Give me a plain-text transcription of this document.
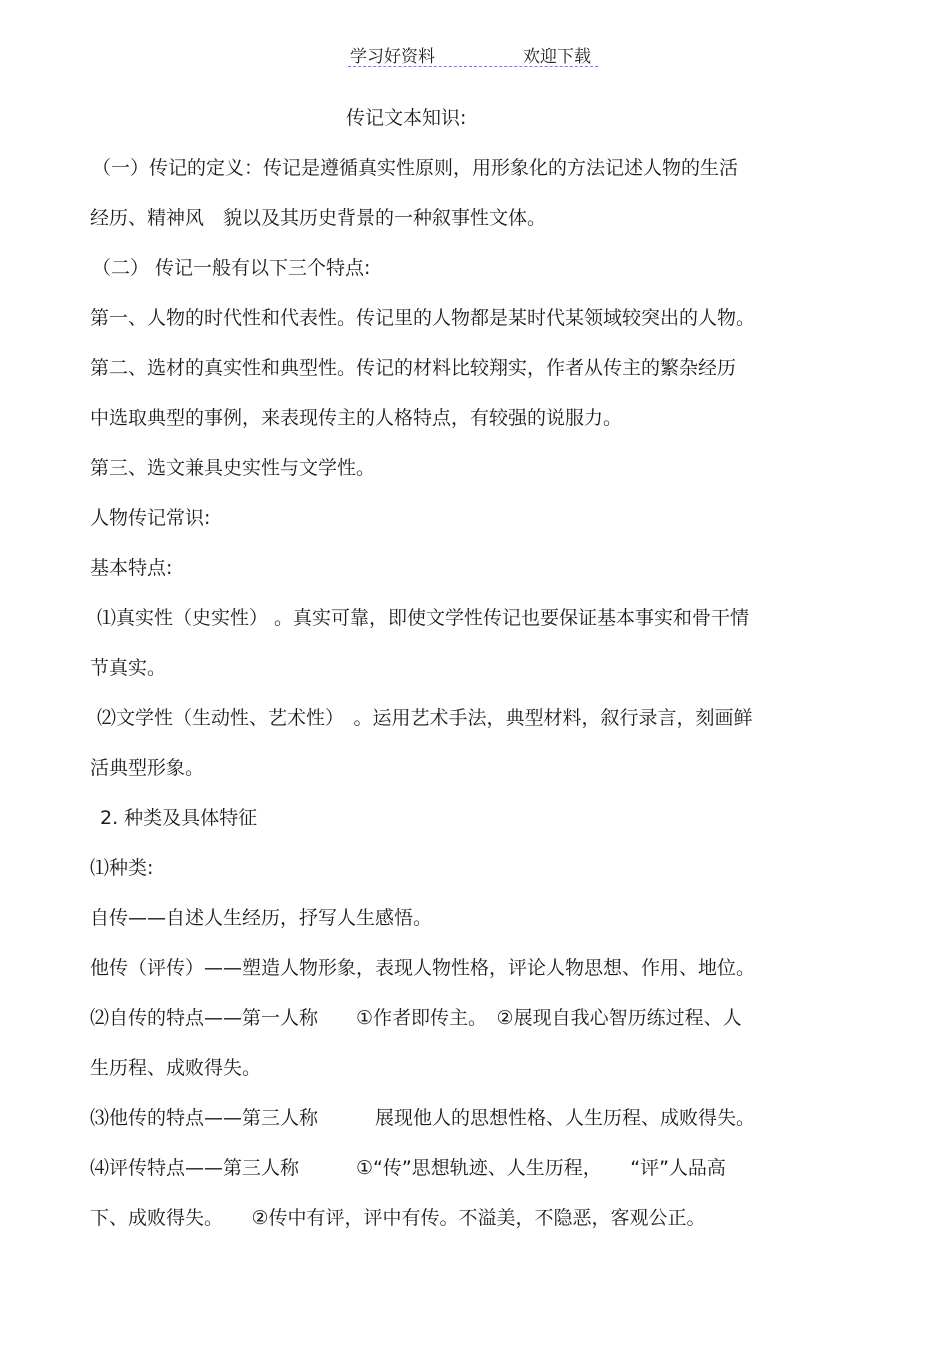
学习好资料	欢迎下载
传记文本知识:
（一）传记的定义：传记是遵循真实性原则，用形象化的方法记述人物的生活
经历、精神风　貌以及其历史背景的一种叙事性文体。
（二） 传记一般有以下三个特点:
第一、人物的时代性和代表性。传记里的人物都是某时代某领域较突出的人物。
第二、选材的真实性和典型性。传记的材料比较翔实，作者从传主的繁杂经历
中选取典型的事例，来表现传主的人格特点，有较强的说服力。
第三、选文兼具史实性与文学性。
人物传记常识:
基本特点:
⑴真实性（史实性） 。真实可靠，即使文学性传记也要保证基本事实和骨干情
节真实。
⑵文学性（生动性、艺术性）　。运用艺术手法，典型材料，叙行录言，刻画鲜
活典型形象。
2. 种类及具体特征
⑴种类:
自传——自述人生经历，抒写人生感悟。
他传（评传）——塑造人物形象，表现人物性格，评论人物思想、作用、地位。
⑵自传的特点——第一人称　　①作者即传主。　②展现自我心智历练过程、人
生历程、成败得失。
⑶他传的特点——第三人称　　　展现他人的思想性格、人生历程、成败得失。
⑷评传特点——第三人称　　　①“传”思想轨迹、人生历程，　　“评”人品高
下、成败得失。　　②传中有评，评中有传。不溢美，不隐恶，客观公正。
